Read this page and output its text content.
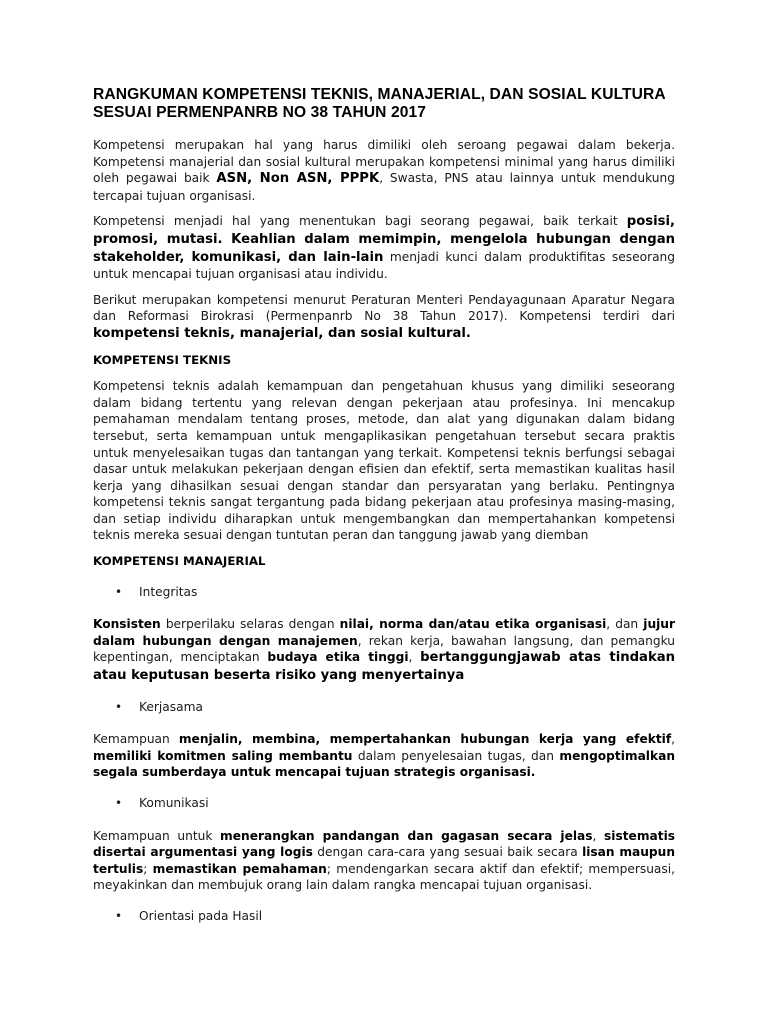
RANGKUMAN KOMPETENSI TEKNIS, MANAJERIAL, DAN SOSIAL KULTURA SESUAI PERMENPANRB NO 38 TAHUN 2017

Kompetensi merupakan hal yang harus dimiliki oleh seroang pegawai dalam bekerja. Kompetensi manajerial dan sosial kultural merupakan kompetensi minimal yang harus dimiliki oleh pegawai baik ASN, Non ASN, PPPK, Swasta, PNS atau lainnya untuk mendukung tercapai tujuan organisasi.

Kompetensi menjadi hal yang menentukan bagi seorang pegawai, baik terkait posisi, promosi, mutasi. Keahlian dalam memimpin, mengelola hubungan dengan stakeholder, komunikasi, dan lain-lain menjadi kunci dalam produktifitas seseorang untuk mencapai tujuan organisasi atau individu.

Berikut merupakan kompetensi menurut Peraturan Menteri Pendayagunaan Aparatur Negara dan Reformasi Birokrasi (Permenpanrb No 38 Tahun 2017). Kompetensi terdiri dari kompetensi teknis, manajerial, dan sosial kultural.

KOMPETENSI TEKNIS

Kompetensi teknis adalah kemampuan dan pengetahuan khusus yang dimiliki seseorang dalam bidang tertentu yang relevan dengan pekerjaan atau profesinya. Ini mencakup pemahaman mendalam tentang proses, metode, dan alat yang digunakan dalam bidang tersebut, serta kemampuan untuk mengaplikasikan pengetahuan tersebut secara praktis untuk menyelesaikan tugas dan tantangan yang terkait. Kompetensi teknis berfungsi sebagai dasar untuk melakukan pekerjaan dengan efisien dan efektif, serta memastikan kualitas hasil kerja yang dihasilkan sesuai dengan standar dan persyaratan yang berlaku. Pentingnya kompetensi teknis sangat tergantung pada bidang pekerjaan atau profesinya masing-masing, dan setiap individu diharapkan untuk mengembangkan dan mempertahankan kompetensi teknis mereka sesuai dengan tuntutan peran dan tanggung jawab yang diemban

KOMPETENSI MANAJERIAL
•	Integritas

Konsisten berperilaku selaras dengan nilai, norma dan/atau etika organisasi, dan jujur dalam hubungan dengan manajemen, rekan kerja, bawahan langsung, dan pemangku kepentingan, menciptakan budaya etika tinggi, bertanggungjawab atas tindakan atau keputusan beserta risiko yang menyertainya

•	Kerjasama

Kemampuan menjalin, membina, mempertahankan hubungan kerja yang efektif, memiliki komitmen saling membantu dalam penyelesaian tugas, dan mengoptimalkan segala sumberdaya untuk mencapai tujuan strategis organisasi.

•	Komunikasi

Kemampuan untuk menerangkan pandangan dan gagasan secara jelas, sistematis disertai argumentasi yang logis dengan cara-cara yang sesuai baik secara lisan maupun tertulis; memastikan pemahaman; mendengarkan secara aktif dan efektif; mempersuasi, meyakinkan dan membujuk orang lain dalam rangka mencapai tujuan organisasi.

•	Orientasi pada Hasil
